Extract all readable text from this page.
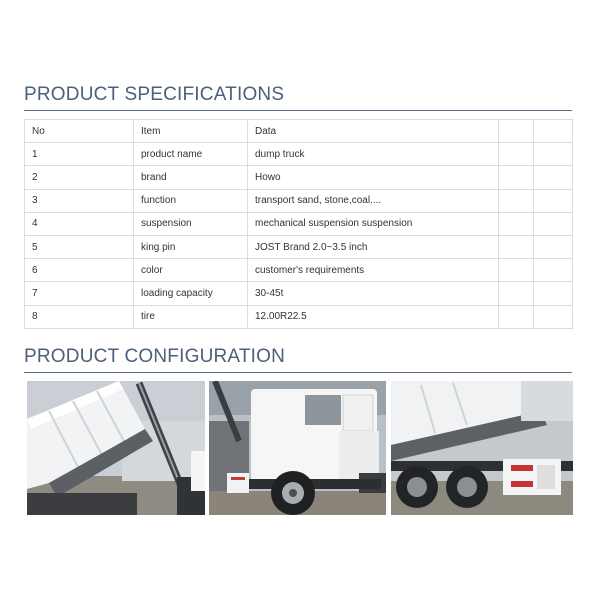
PRODUCT SPECIFICATIONS
No	Item	Data		
1	product name	dump truck		
2	brand	Howo		
3	function	transport sand, stone,coal....		
4	suspension	mechanical suspension suspension		
5	king pin	JOST Brand 2.0~3.5 inch		
6	color	customer's requirements		
7	loading capacity	30-45t		
8	tire	12.00R22.5		
PRODUCT CONFIGURATION
